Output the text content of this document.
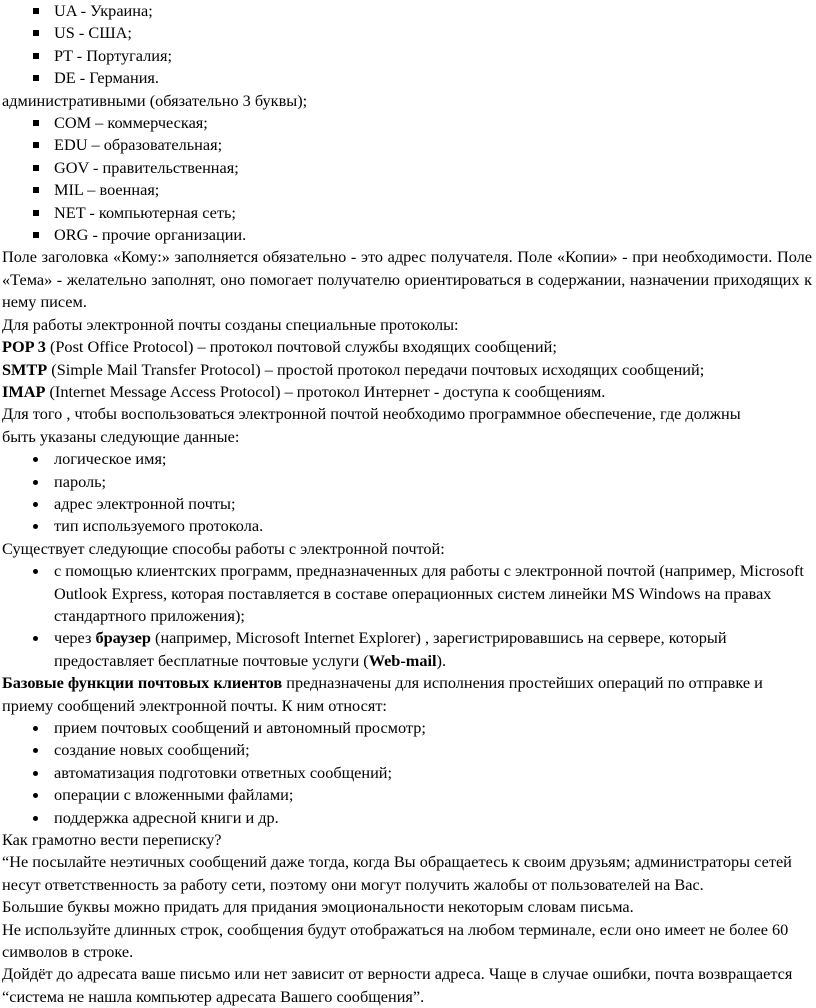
UA - Украина;
US - США;
PT - Португалия;
DE - Германия.

административными (обязательно 3 буквы);

COM – коммерческая;
EDU – образовательная;
GOV - правительственная;
MIL – военная;
NET - компьютерная сеть;
ORG - прочие организации.

Поле заголовка «Кому:» заполняется обязательно - это адрес получателя. Поле «Копии» - при необходимости. Поле «Тема» - желательно заполнят, оно помогает получателю ориентироваться в содержании, назначении приходящих к нему писем.

Для работы электронной почты созданы специальные протоколы:

POP 3 (Post Office Protocol) – протокол почтовой службы входящих сообщений;

SMTP (Simple Mail Transfer Protocol) – простой протокол передачи почтовых исходящих сообщений;

IMAP (Internet Message Access Protocol) – протокол Интернет - доступа к сообщениям.

Для того , чтобы воспользоваться электронной почтой необходимо программное обеспечение, где должны быть указаны следующие данные:

логическое имя;
пароль;
адрес электронной почты;
тип используемого протокола.

Существует следующие способы работы с электронной почтой:

с помощью клиентских программ, предназначенных для работы с электронной почтой (например, Microsoft Outlook Express, которая поставляется в составе операционных систем линейки MS Windows на правах стандартного приложения);
через браузер (например, Microsoft Internet Explorer) , зарегистрировавшись на сервере, который предоставляет бесплатные почтовые услуги (Web-mail).

Базовые функции почтовых клиентов предназначены для исполнения простейших операций по отправке и приему сообщений электронной почты. К ним относят:

прием почтовых сообщений и автономный просмотр;
создание новых сообщений;
автоматизация подготовки ответных сообщений;
операции с вложенными файлами;
поддержка адресной книги и др.

Как грамотно вести переписку?

“Не посылайте неэтичных сообщений даже тогда, когда Вы обращаетесь к своим друзьям; администраторы сетей несут ответственность за работу сети, поэтому они могут получить жалобы от пользователей на Вас.

Большие буквы можно придать для придания эмоциональности некоторым словам письма.

Не используйте длинных строк, сообщения будут отображаться на любом терминале, если оно имеет не более 60 символов в строке.

Дойдёт до адресата ваше письмо или нет зависит от верности адреса. Чаще в случае ошибки, почта возвращается “система не нашла компьютер адресата Вашего сообщения”.
